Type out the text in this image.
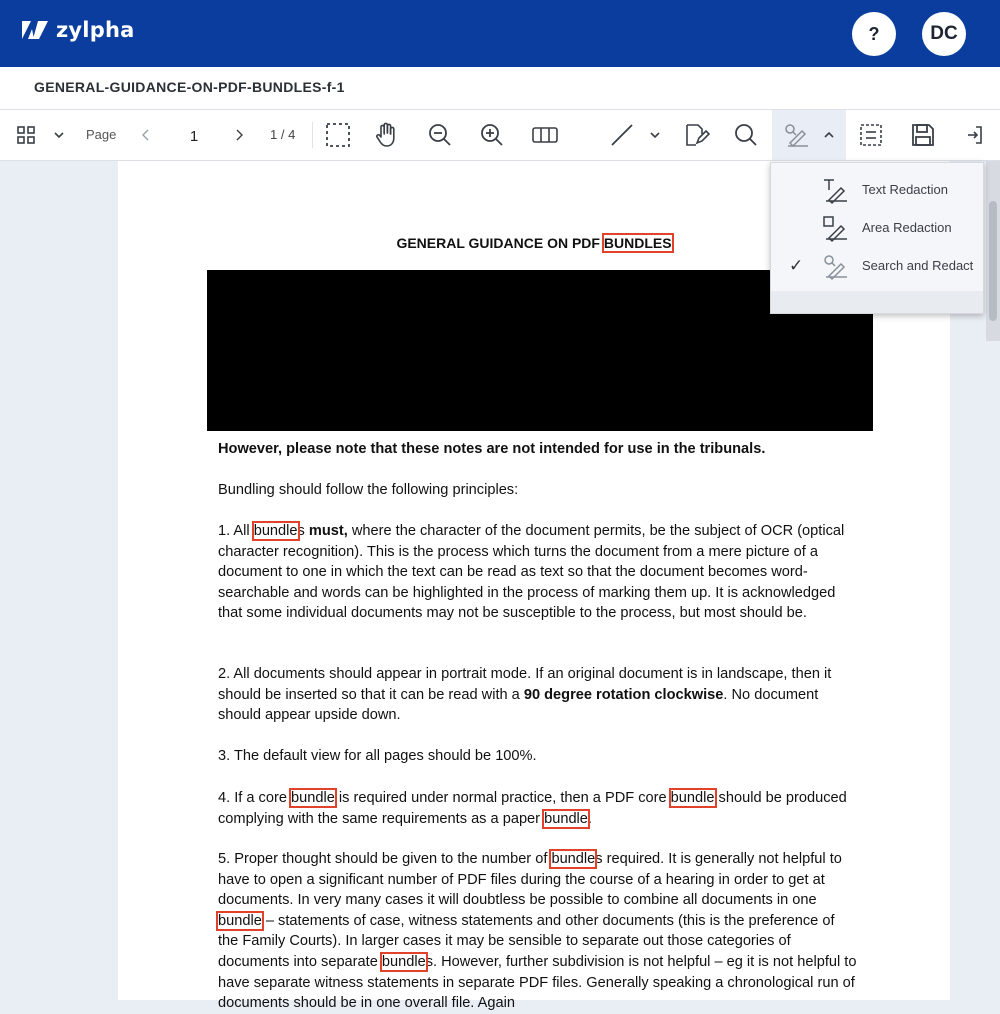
zylpha	?	DC
GENERAL-GUIDANCE-ON-PDF-BUNDLES-f-1
Page
1	1 / 4
GENERAL GUIDANCE ON PDF BUNDLES

However, please note that these notes are not intended for use in the tribunals.

Bundling should follow the following principles:

1. All bundles must, where the character of the document permits, be the subject of OCR (optical character recognition). This is the process which turns the document from a mere picture of a document to one in which the text can be read as text so that the document becomes word-searchable and words can be highlighted in the process of marking them up. It is acknowledged that some individual documents may not be susceptible to the process, but most should be.

2. All documents should appear in portrait mode. If an original document is in landscape, then it should be inserted so that it can be read with a 90 degree rotation clockwise. No document should appear upside down.

3. The default view for all pages should be 100%.

4. If a core bundle is required under normal practice, then a PDF core bundle should be produced complying with the same requirements as a paper bundle.

5. Proper thought should be given to the number of bundles required. It is generally not helpful to have to open a significant number of PDF files during the course of a hearing in order to get at documents. In very many cases it will doubtless be possible to combine all documents in one bundle – statements of case, witness statements and other documents (this is the preference of the Family Courts). In larger cases it may be sensible to separate out those categories of documents into separate bundles. However, further subdivision is not helpful – eg it is not helpful to have separate witness statements in separate PDF files. Generally speaking a chronological run of documents should be in one overall file. Again

Text Redaction
Area Redaction
✓	Search and Redact
